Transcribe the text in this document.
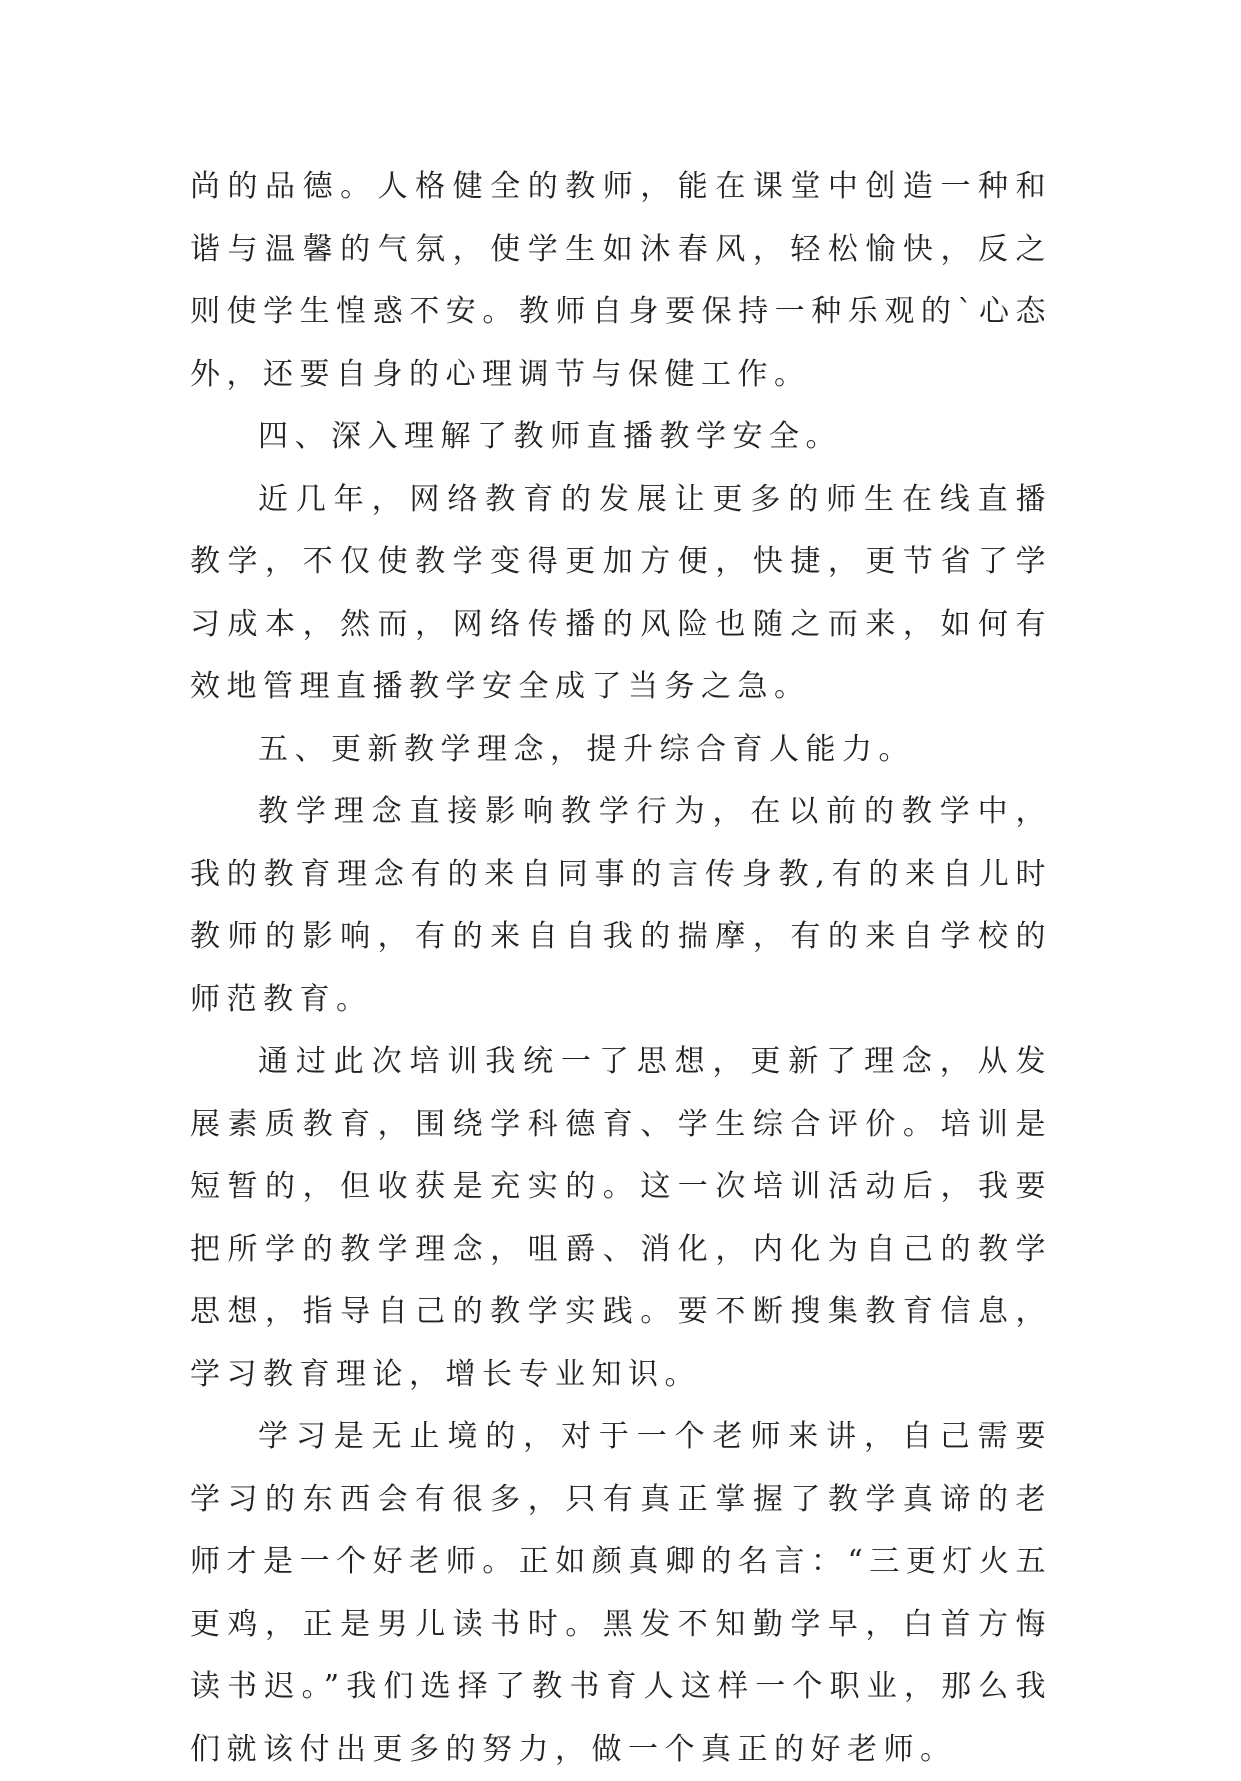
尚的品德。人格健全的教师，能在课堂中创造一种和谐与温馨的气氛，使学生如沐春风，轻松愉快，反之则使学生惶惑不安。教师自身要保持一种乐观的`心态外，还要自身的心理调节与保健工作。

四、深入理解了教师直播教学安全。

近几年，网络教育的发展让更多的师生在线直播教学，不仅使教学变得更加方便，快捷，更节省了学习成本，然而，网络传播的风险也随之而来，如何有效地管理直播教学安全成了当务之急。

五、更新教学理念，提升综合育人能力。

教学理念直接影响教学行为，在以前的教学中，我的教育理念有的来自同事的言传身教,有的来自儿时教师的影响，有的来自自我的揣摩，有的来自学校的师范教育。

通过此次培训我统一了思想，更新了理念，从发展素质教育，围绕学科德育、学生综合评价。培训是短暂的，但收获是充实的。这一次培训活动后，我要把所学的教学理念，咀爵、消化，内化为自己的教学思想，指导自己的教学实践。要不断搜集教育信息，学习教育理论，增长专业知识。

学习是无止境的，对于一个老师来讲，自己需要学习的东西会有很多，只有真正掌握了教学真谛的老师才是一个好老师。正如颜真卿的名言：“三更灯火五更鸡，正是男儿读书时。黑发不知勤学早，白首方悔读书迟。”我们选择了教书育人这样一个职业，那么我们就该付出更多的努力，做一个真正的好老师。
